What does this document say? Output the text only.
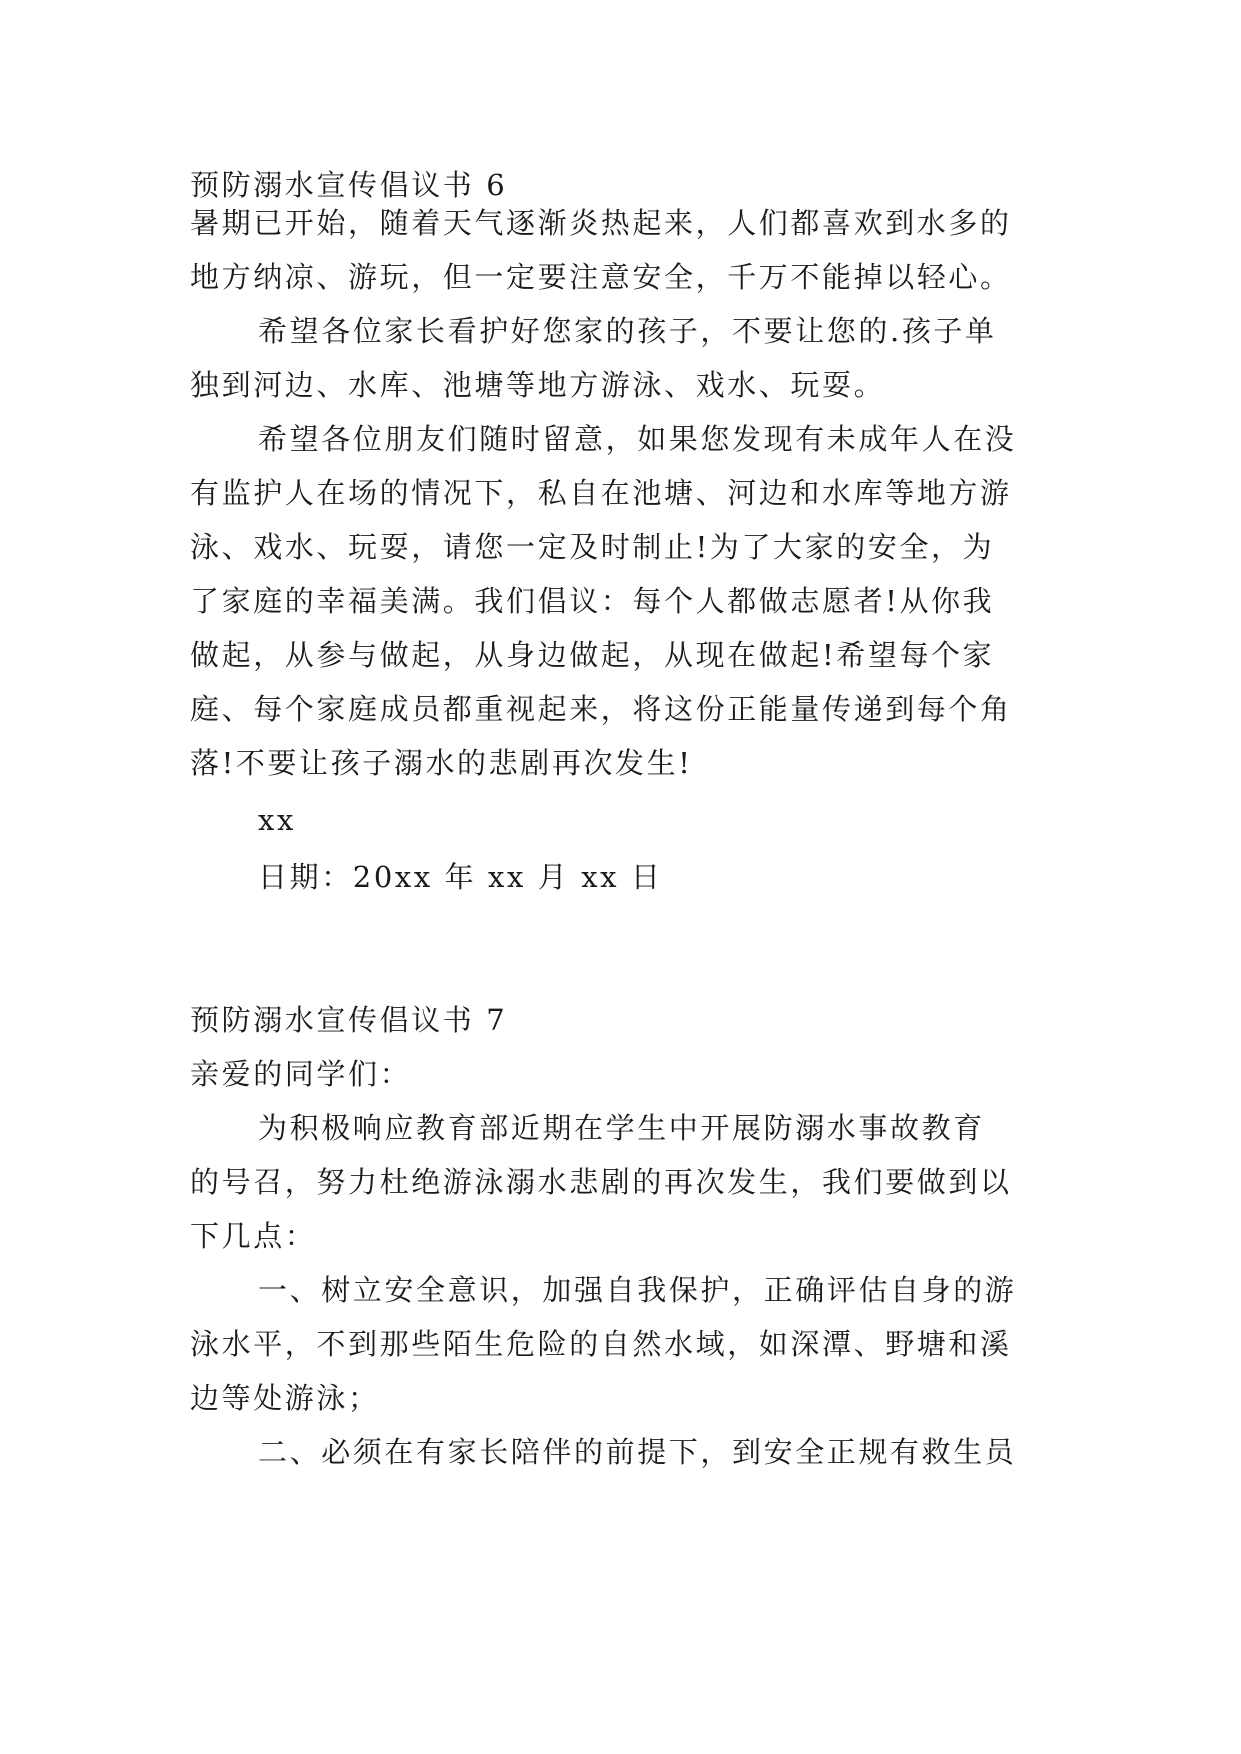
预防溺水宣传倡议书 6
暑期已开始，随着天气逐渐炎热起来，人们都喜欢到水多的
地方纳凉、游玩，但一定要注意安全，千万不能掉以轻心。
希望各位家长看护好您家的孩子，不要让您的.孩子单
独到河边、水库、池塘等地方游泳、戏水、玩耍。
希望各位朋友们随时留意，如果您发现有未成年人在没
有监护人在场的情况下，私自在池塘、河边和水库等地方游
泳、戏水、玩耍，请您一定及时制止!为了大家的安全，为
了家庭的幸福美满。我们倡议：每个人都做志愿者!从你我
做起，从参与做起，从身边做起，从现在做起!希望每个家
庭、每个家庭成员都重视起来，将这份正能量传递到每个角
落!不要让孩子溺水的悲剧再次发生!
xx
日期：20xx 年 xx 月 xx 日
预防溺水宣传倡议书 7
亲爱的同学们：
为积极响应教育部近期在学生中开展防溺水事故教育
的号召，努力杜绝游泳溺水悲剧的再次发生，我们要做到以
下几点：
一、树立安全意识，加强自我保护，正确评估自身的游
泳水平，不到那些陌生危险的自然水域，如深潭、野塘和溪
边等处游泳；
二、必须在有家长陪伴的前提下，到安全正规有救生员
